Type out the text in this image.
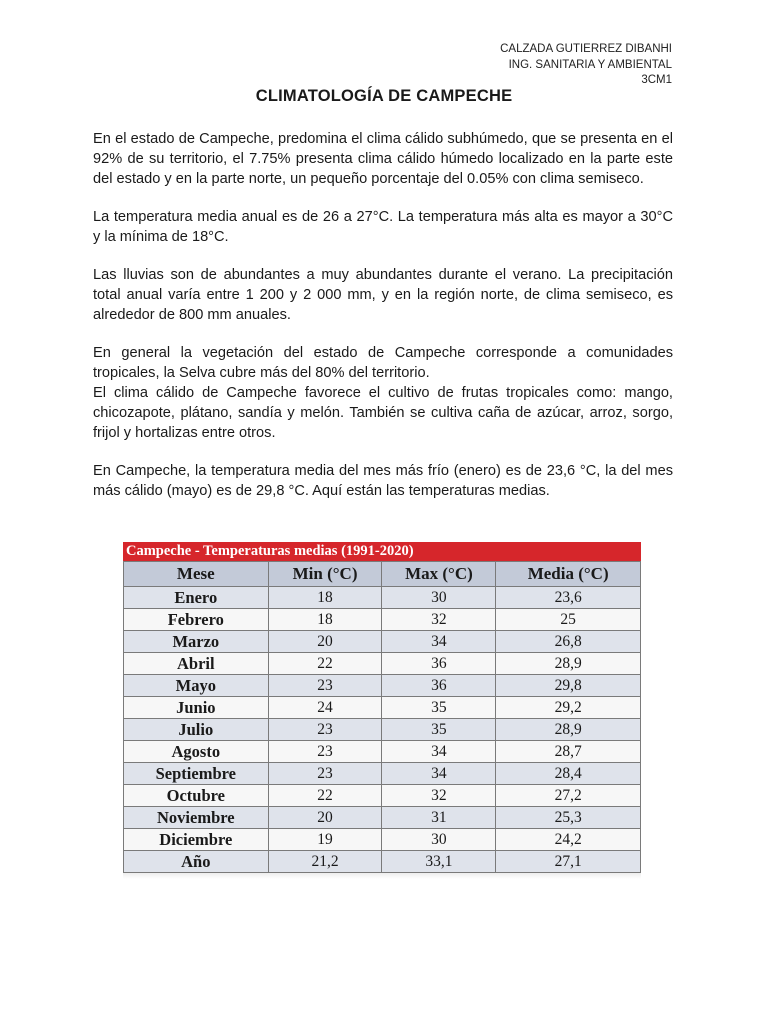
CALZADA GUTIERREZ DIBANHI
ING. SANITARIA Y AMBIENTAL
3CM1
CLIMATOLOGÍA DE CAMPECHE

En el estado de Campeche, predomina el clima cálido subhúmedo, que se presenta en el 92% de su territorio, el 7.75% presenta clima cálido húmedo localizado en la parte este del estado y en la parte norte, un pequeño porcentaje del 0.05% con clima semiseco.

La temperatura media anual es de 26 a 27°C. La temperatura más alta es mayor a 30°C y la mínima de 18°C.

Las lluvias son de abundantes a muy abundantes durante el verano. La precipitación total anual varía entre 1 200 y 2 000 mm, y en la región norte, de clima semiseco, es alrededor de 800 mm anuales.

En general la vegetación del estado de Campeche corresponde a comunidades tropicales, la Selva cubre más del 80% del territorio.

El clima cálido de Campeche favorece el cultivo de frutas tropicales como: mango, chicozapote, plátano, sandía y melón. También se cultiva caña de azúcar, arroz, sorgo, frijol y hortalizas entre otros.

En Campeche, la temperatura media del mes más frío (enero) es de 23,6 °C, la del mes más cálido (mayo) es de 29,8 °C. Aquí están las temperaturas medias.

Campeche - Temperaturas medias (1991-2020)
Mese	Min (°C)	Max (°C)	Media (°C)
Enero	18	30	23,6
Febrero	18	32	25
Marzo	20	34	26,8
Abril	22	36	28,9
Mayo	23	36	29,8
Junio	24	35	29,2
Julio	23	35	28,9
Agosto	23	34	28,7
Septiembre	23	34	28,4
Octubre	22	32	27,2
Noviembre	20	31	25,3
Diciembre	19	30	24,2
Año	21,2	33,1	27,1
